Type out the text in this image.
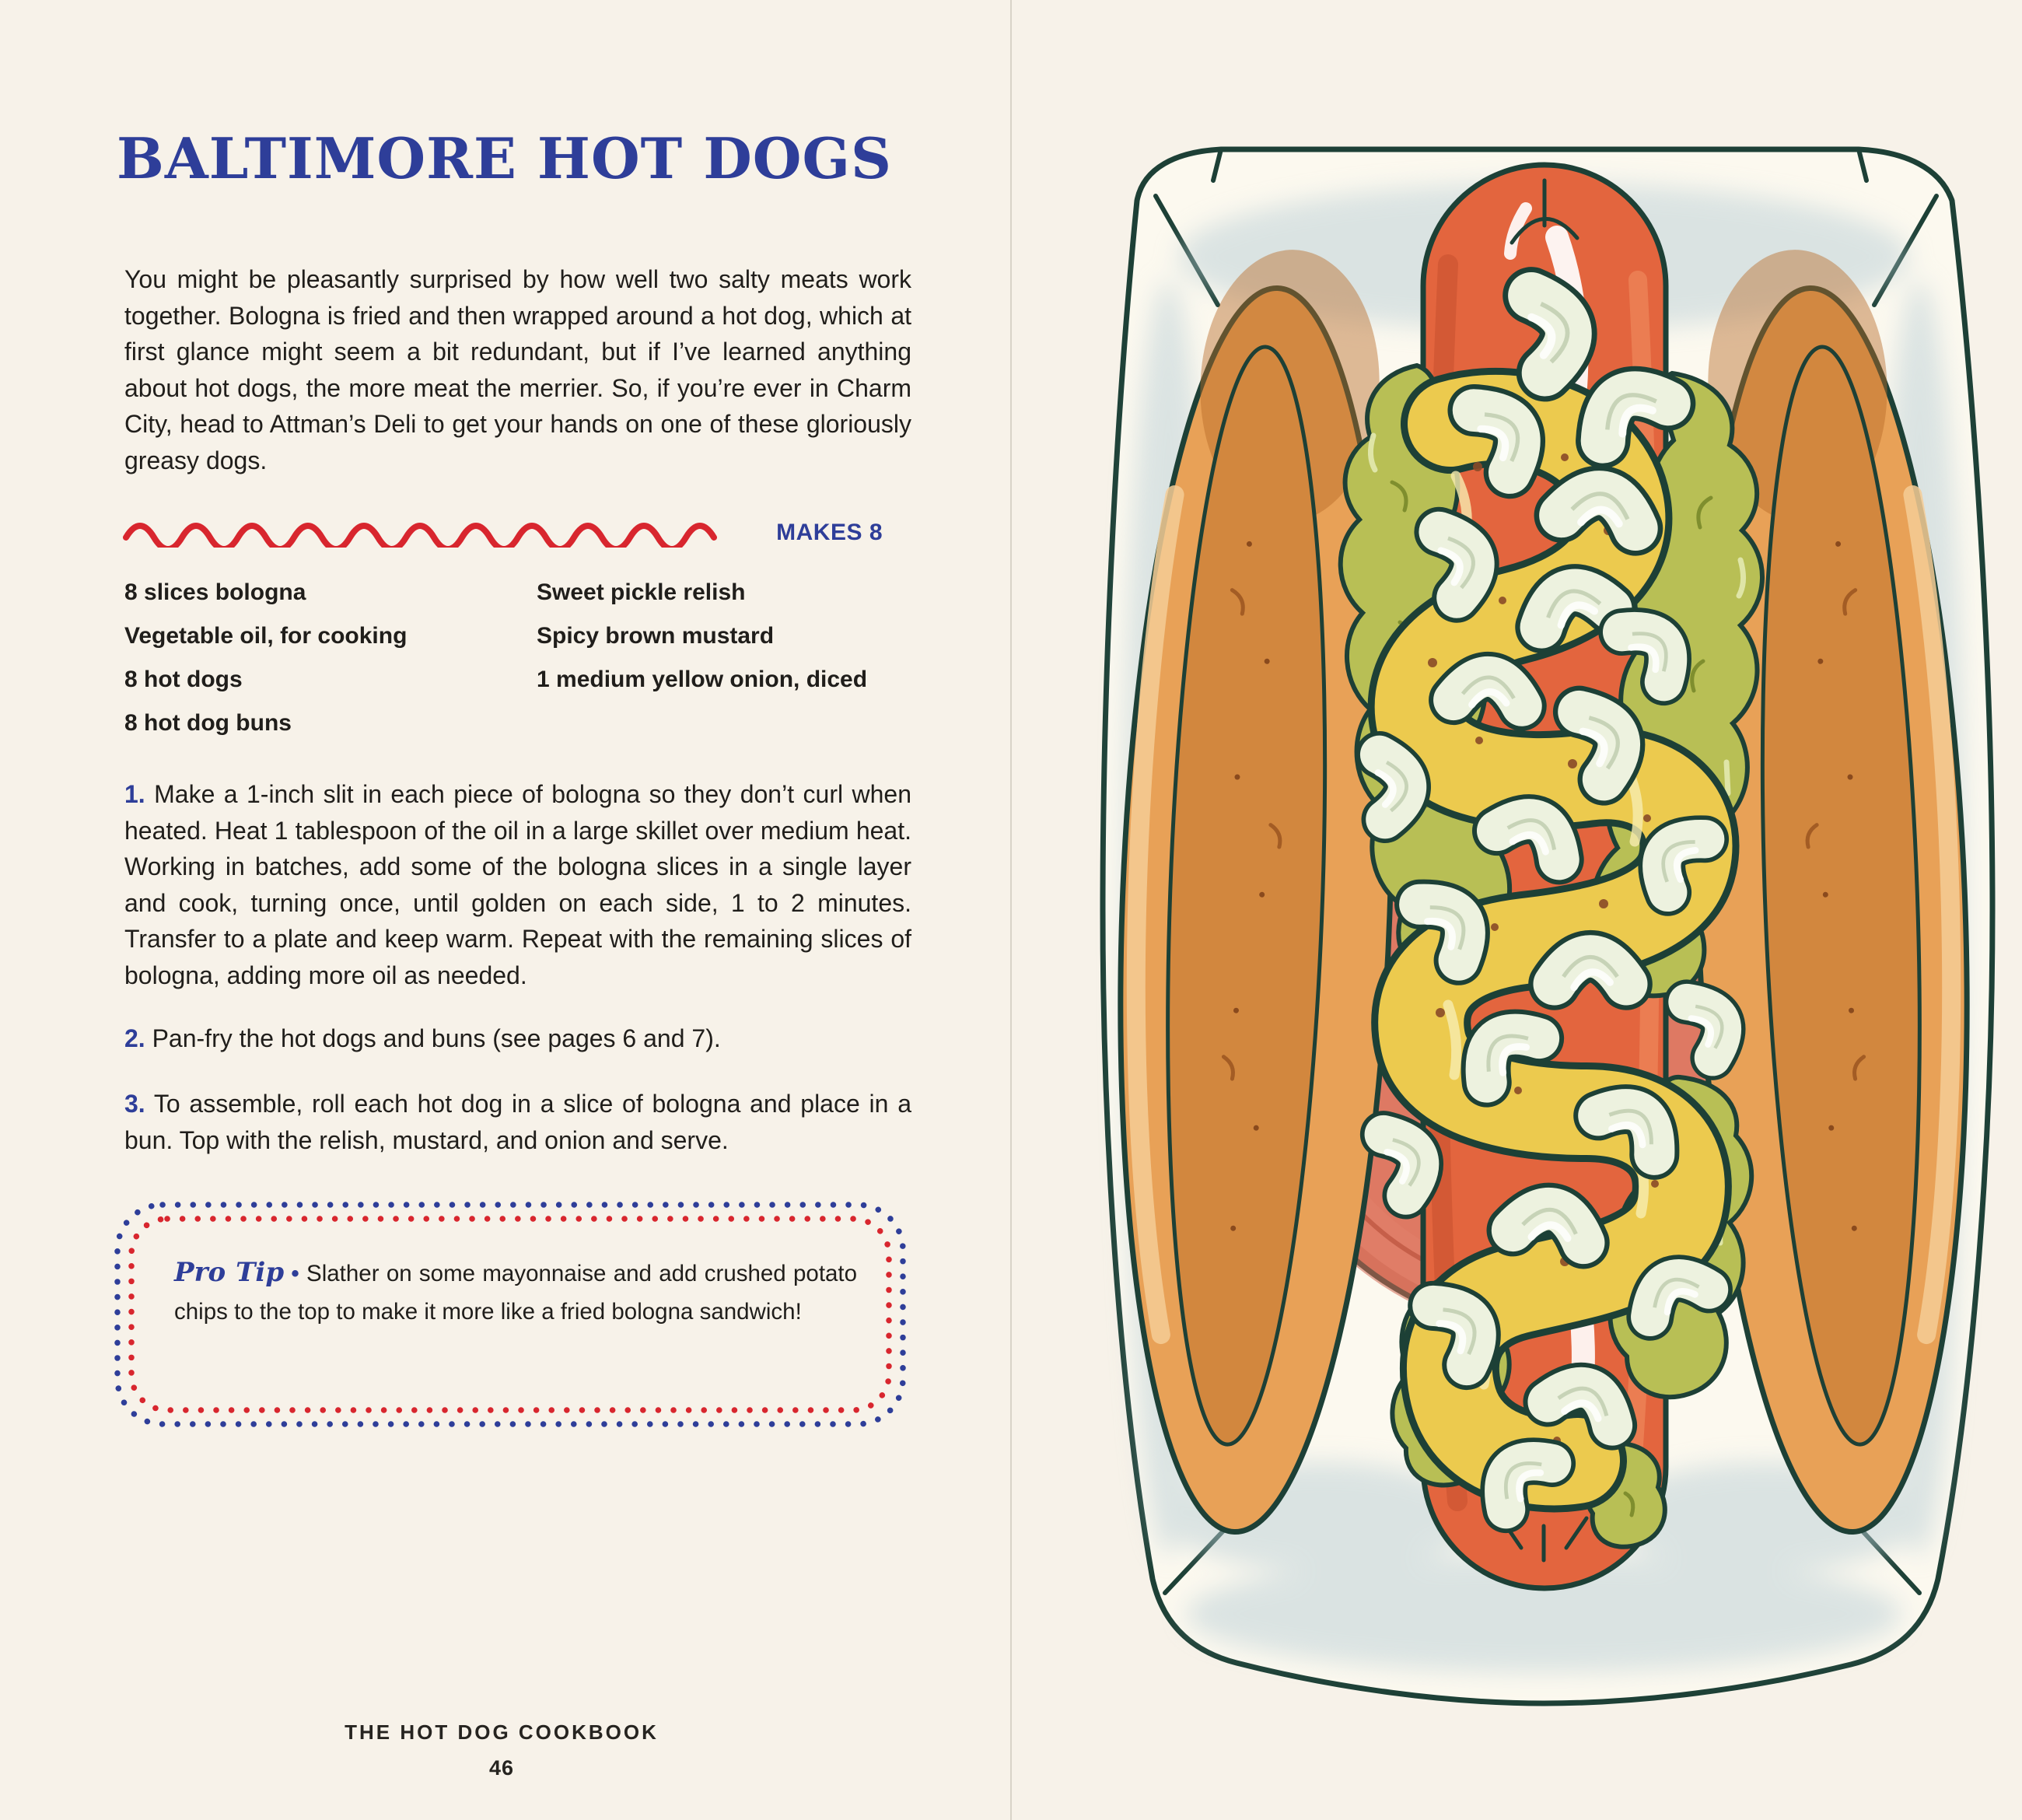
BALTIMORE HOT DOGS

You might be pleasantly surprised by how well two salty meats work together. Bologna is fried and then wrapped around a hot dog, which at first glance might seem a bit redundant, but if I’ve learned anything about hot dogs, the more meat the merrier. So, if you’re ever in Charm City, head to Attman’s Deli to get your hands on one of these gloriously greasy dogs.

MAKES 8
8 slices bologna
Vegetable oil, for cooking
8 hot dogs
8 hot dog buns
Sweet pickle relish
Spicy brown mustard
1 medium yellow onion, diced

1. Make a 1-inch slit in each piece of bologna so they don’t curl when heated. Heat 1 tablespoon of the oil in a large skillet over medium heat. Working in batches, add some of the bologna slices in a single layer and cook, turning once, until golden on each side, 1 to 2 minutes. Transfer to a plate and keep warm. Repeat with the remaining slices of bologna, adding more oil as needed.

2. Pan-fry the hot dogs and buns (see pages 6 and 7).

3. To assemble, roll each hot dog in a slice of bologna and place in a bun. Top with the relish, mustard, and onion and serve.

Pro Tip • Slather on some mayonnaise and add crushed potato chips to the top to make it more like a fried bologna sandwich!

THE HOT DOG COOKBOOK
46
